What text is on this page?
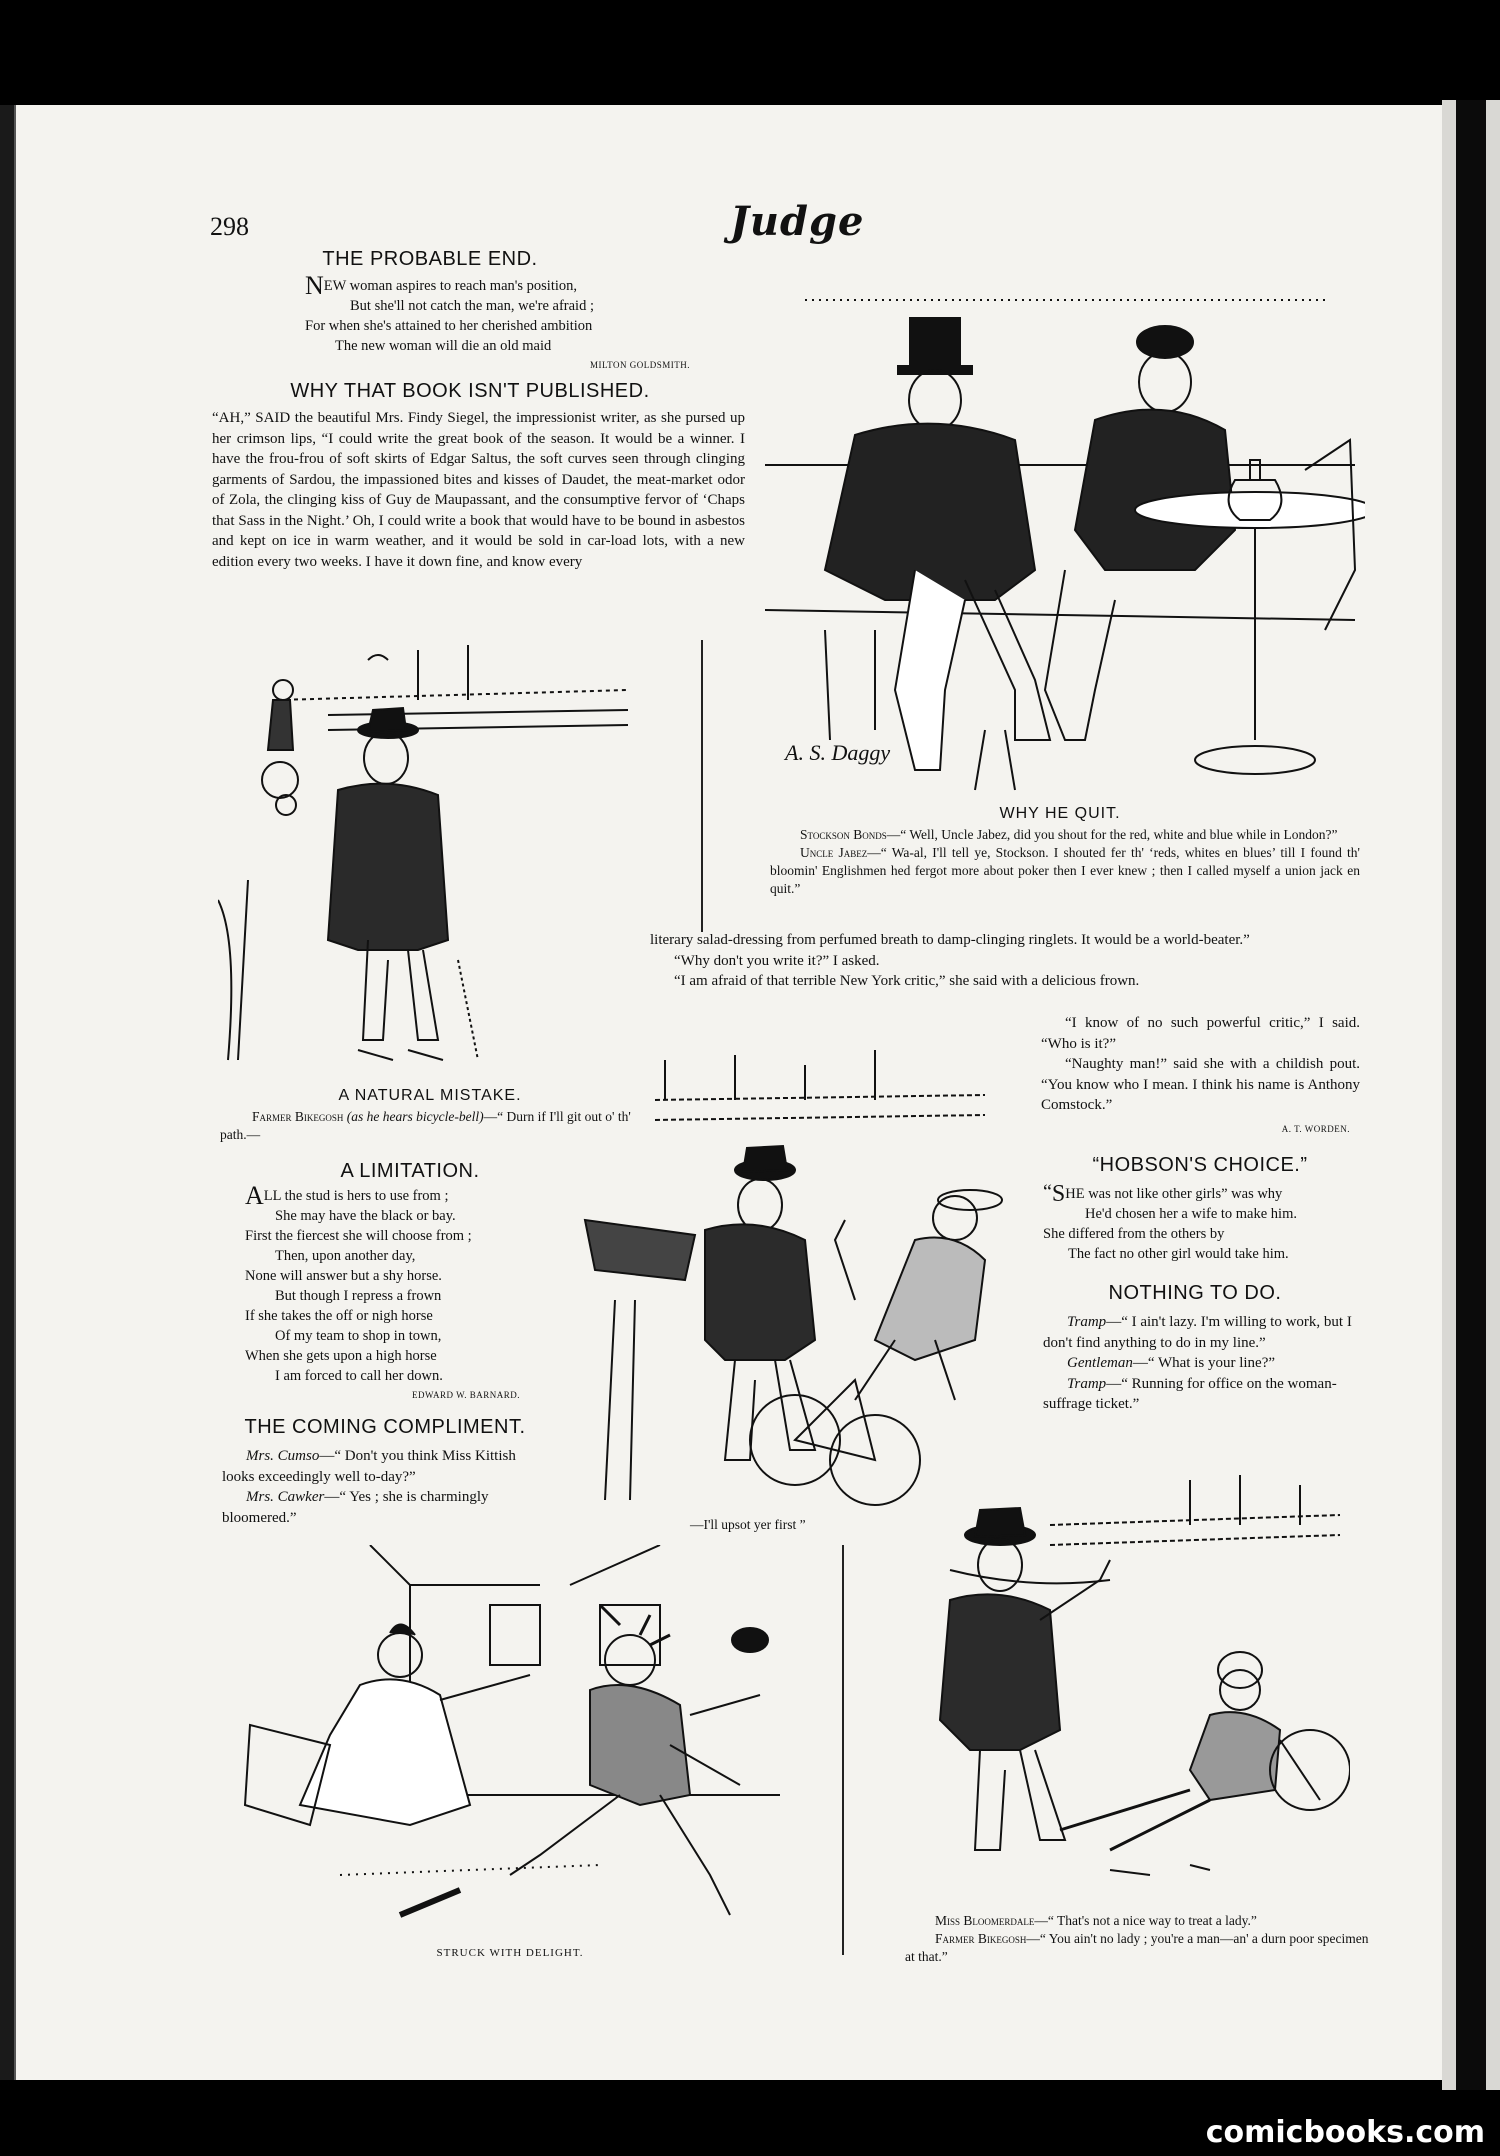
298	Judge
THE PROBABLE END.
NEW woman aspires to reach man's position,
But she'll not catch the man, we're afraid ;
For when she's attained to her cherished ambition
The new woman will die an old maid
MILTON GOLDSMITH.
WHY THAT BOOK ISN'T PUBLISHED.

“AH,” SAID the beautiful Mrs. Findy Siegel, the impressionist writer, as she pursed up her crimson lips, “I could write the great book of the season. It would be a winner. I have the frou-frou of soft skirts of Edgar Saltus, the soft curves seen through clinging garments of Sardou, the impassioned bites and kisses of Daudet, the meat-market odor of Zola, the clinging kiss of Guy de Maupassant, and the consumptive fervor of ‘Chaps that Sass in the Night.’ Oh, I could write a book that would have to be bound in asbestos and kept on ice in warm weather, and it would be sold in car-load lots, with a new edition every two weeks. I have it down fine, and know every

A. S. Daggy
WHY HE QUIT.
Stockson Bonds—“ Well, Uncle Jabez, did you shout for the red, white and blue while in London?”
Uncle Jabez—“ Wa-al, I'll tell ye, Stockson. I shouted fer th' ‘reds, whites en blues’ till I found th' bloomin' Englishmen hed fergot more about poker then I ever knew ; then I called myself a union jack en quit.”
A NATURAL MISTAKE.
Farmer Bikegosh (as he hears bicycle-bell)—“ Durn if I'll git out o' th' path.—

literary salad-dressing from perfumed breath to damp-clinging ringlets. It would be a world-beater.”

“Why don't you write it?” I asked.

“I am afraid of that terrible New York critic,” she said with a delicious frown.

“I know of no such powerful critic,” I said. “Who is it?”

“Naughty man!” said she with a childish pout. “You know who I mean. I think his name is Anthony Comstock.”

A. T. WORDEN.
A LIMITATION.
ALL the stud is hers to use from ;
She may have the black or bay.
First the fiercest she will choose from ;
Then, upon another day,
None will answer but a shy horse.
But though I repress a frown
If she takes the off or nigh horse
Of my team to shop in town,
When she gets upon a high horse
I am forced to call her down.
EDWARD W. BARNARD.
THE COMING COMPLIMENT.

Mrs. Cumso—“ Don't you think Miss Kittish looks exceedingly well to-day?”

Mrs. Cawker—“ Yes ; she is charmingly bloomered.”	—I'll upsot yer first ”
“HOBSON'S CHOICE.”
“SHE was not like other girls” was why
He'd chosen her a wife to make him.
She differed from the others by
The fact no other girl would take him.
NOTHING TO DO.

Tramp—“ I ain't lazy. I'm willing to work, but I don't find anything to do in my line.”

Gentleman—“ What is your line?”

Tramp—“ Running for office on the woman-suffrage ticket.”

STRUCK WITH DELIGHT.
Miss Bloomerdale—“ That's not a nice way to treat a lady.”
Farmer Bikegosh—“ You ain't no lady ; you're a man—an' a durn poor specimen at that.”
comicbooks.com
